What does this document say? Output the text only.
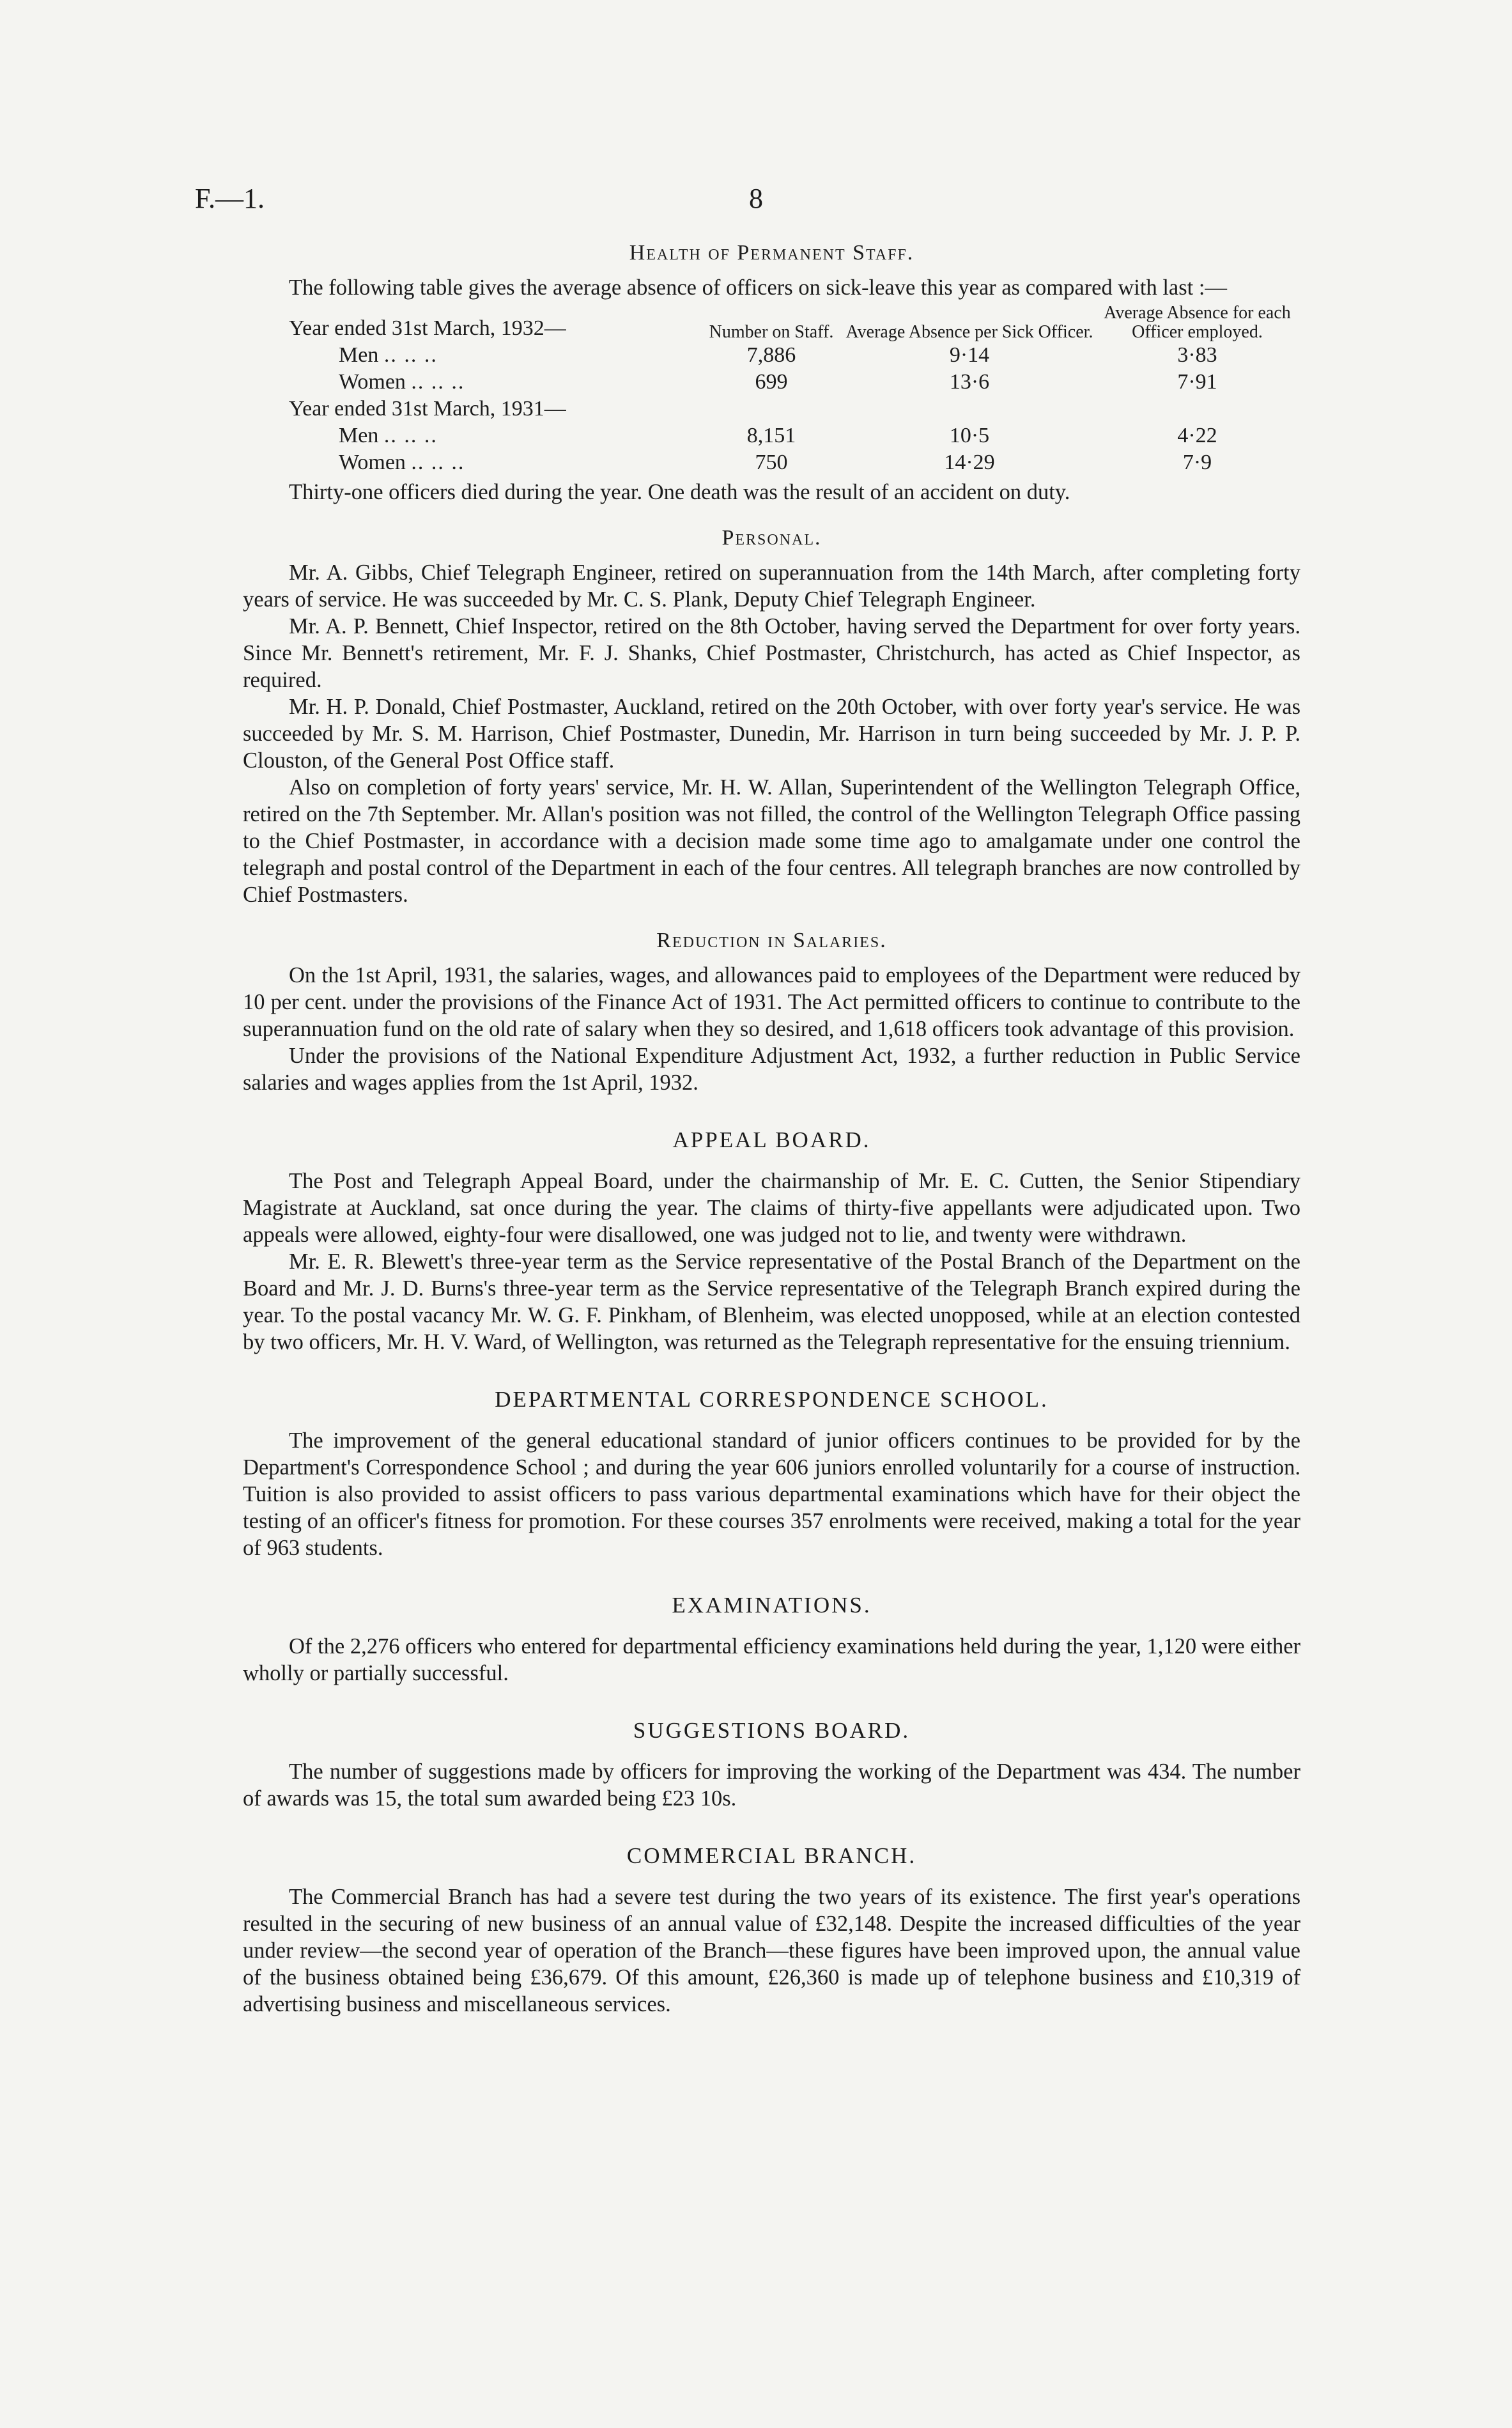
F.—1.	8
Health of Permanent Staff.

The following table gives the average absence of officers on sick-leave this year as compared with last :—

Year ended 31st March, 1932—	Number on Staff.	Average Absence per Sick Officer.	Average Absence for each Officer employed.
Men .. .. ..	7,886	9·14	3·83
Women .. .. ..	699	13·6	7·91
Year ended 31st March, 1931—			
Men .. .. ..	8,151	10·5	4·22
Women .. .. ..	750	14·29	7·9

Thirty-one officers died during the year. One death was the result of an accident on duty.

Personal.

Mr. A. Gibbs, Chief Telegraph Engineer, retired on superannuation from the 14th March, after completing forty years of service. He was succeeded by Mr. C. S. Plank, Deputy Chief Telegraph Engineer.

Mr. A. P. Bennett, Chief Inspector, retired on the 8th October, having served the Department for over forty years. Since Mr. Bennett's retirement, Mr. F. J. Shanks, Chief Postmaster, Christchurch, has acted as Chief Inspector, as required.

Mr. H. P. Donald, Chief Postmaster, Auckland, retired on the 20th October, with over forty year's service. He was succeeded by Mr. S. M. Harrison, Chief Postmaster, Dunedin, Mr. Harrison in turn being succeeded by Mr. J. P. P. Clouston, of the General Post Office staff.

Also on completion of forty years' service, Mr. H. W. Allan, Superintendent of the Wellington Telegraph Office, retired on the 7th September. Mr. Allan's position was not filled, the control of the Wellington Telegraph Office passing to the Chief Postmaster, in accordance with a decision made some time ago to amalgamate under one control the telegraph and postal control of the Department in each of the four centres. All telegraph branches are now controlled by Chief Postmasters.

Reduction in Salaries.

On the 1st April, 1931, the salaries, wages, and allowances paid to employees of the Department were reduced by 10 per cent. under the provisions of the Finance Act of 1931. The Act permitted officers to continue to contribute to the superannuation fund on the old rate of salary when they so desired, and 1,618 officers took advantage of this provision.

Under the provisions of the National Expenditure Adjustment Act, 1932, a further reduction in Public Service salaries and wages applies from the 1st April, 1932.

APPEAL BOARD.

The Post and Telegraph Appeal Board, under the chairmanship of Mr. E. C. Cutten, the Senior Stipendiary Magistrate at Auckland, sat once during the year. The claims of thirty-five appellants were adjudicated upon. Two appeals were allowed, eighty-four were disallowed, one was judged not to lie, and twenty were withdrawn.

Mr. E. R. Blewett's three-year term as the Service representative of the Postal Branch of the Department on the Board and Mr. J. D. Burns's three-year term as the Service representative of the Telegraph Branch expired during the year. To the postal vacancy Mr. W. G. F. Pinkham, of Blenheim, was elected unopposed, while at an election contested by two officers, Mr. H. V. Ward, of Wellington, was returned as the Telegraph representative for the ensuing triennium.

DEPARTMENTAL CORRESPONDENCE SCHOOL.

The improvement of the general educational standard of junior officers continues to be provided for by the Department's Correspondence School ; and during the year 606 juniors enrolled voluntarily for a course of instruction. Tuition is also provided to assist officers to pass various departmental examinations which have for their object the testing of an officer's fitness for promotion. For these courses 357 enrolments were received, making a total for the year of 963 students.

EXAMINATIONS.

Of the 2,276 officers who entered for departmental efficiency examinations held during the year, 1,120 were either wholly or partially successful.

SUGGESTIONS BOARD.

The number of suggestions made by officers for improving the working of the Department was 434. The number of awards was 15, the total sum awarded being £23 10s.

COMMERCIAL BRANCH.

The Commercial Branch has had a severe test during the two years of its existence. The first year's operations resulted in the securing of new business of an annual value of £32,148. Despite the increased difficulties of the year under review—the second year of operation of the Branch—these figures have been improved upon, the annual value of the business obtained being £36,679. Of this amount, £26,360 is made up of telephone business and £10,319 of advertising business and miscellaneous services.
